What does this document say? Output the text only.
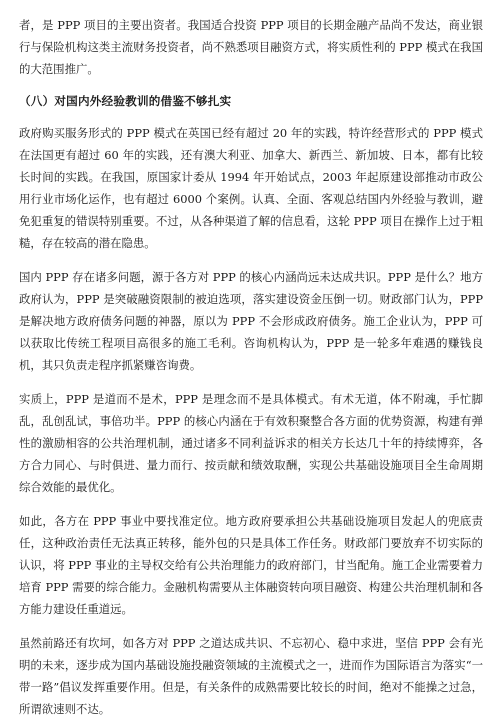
者，是 PPP 项目的主要出资者。我国适合投资 PPP 项目的长期金融产品尚不发达，商业银行与保险机构这类主流财务投资者，尚不熟悉项目融资方式，将实质性利的 PPP 模式在我国的大范围推广。

（八）对国内外经验教训的借鉴不够扎实

政府购买服务形式的 PPP 模式在英国已经有超过 20 年的实践，特许经营形式的 PPP 模式在法国更有超过 60 年的实践，还有澳大利亚、加拿大、新西兰、新加坡、日本，都有比较长时间的实践。在我国，原国家计委从 1994 年开始试点，2003 年起原建设部推动市政公用行业市场化运作，也有超过 6000 个案例。认真、全面、客观总结国内外经验与教训，避免犯重复的错误特别重要。不过，从各种渠道了解的信息看，这轮 PPP 项目在操作上过于粗糙，存在较高的潜在隐患。

国内 PPP 存在诸多问题，源于各方对 PPP 的核心内涵尚远未达成共识。PPP 是什么？地方政府认为，PPP 是突破融资限制的被迫选项，落实建设资金压倒一切。财政部门认为，PPP 是解决地方政府债务问题的神器，原以为 PPP 不会形成政府债务。施工企业认为，PPP 可以获取比传统工程项目高很多的施工毛利。咨询机构认为，PPP 是一轮多年难遇的赚钱良机，其只负责走程序抓紧赚咨询费。

实质上，PPP 是道而不是术，PPP 是理念而不是具体模式。有术无道，体不附魂，手忙脚乱，乱创乱试，事倍功半。PPP 的核心内涵在于有效积聚整合各方面的优势资源，构建有弹性的激励相容的公共治理机制，通过诸多不同利益诉求的相关方长达几十年的持续博弈，各方合力同心、与时俱进、量力而行、按贡献和绩效取酬，实现公共基础设施项目全生命周期综合效能的最优化。

如此，各方在 PPP 事业中要找准定位。地方政府要承担公共基础设施项目发起人的兜底责任，这种政治责任无法真正转移，能外包的只是具体工作任务。财政部门要放弃不切实际的认识，将 PPP 事业的主导权交给有公共治理能力的政府部门，甘当配角。施工企业需要着力培育 PPP 需要的综合能力。金融机构需要从主体融资转向项目融资、构建公共治理机制和各方能力建设任重道远。

虽然前路还有坎坷，如各方对 PPP 之道达成共识、不忘初心、稳中求进，坚信 PPP 会有光明的未来，逐步成为国内基础设施投融资领域的主流模式之一，进而作为国际语言为落实“一带一路”倡议发挥重要作用。但是，有关条件的成熟需要比较长的时间，绝对不能操之过急，所谓欲速则不达。
